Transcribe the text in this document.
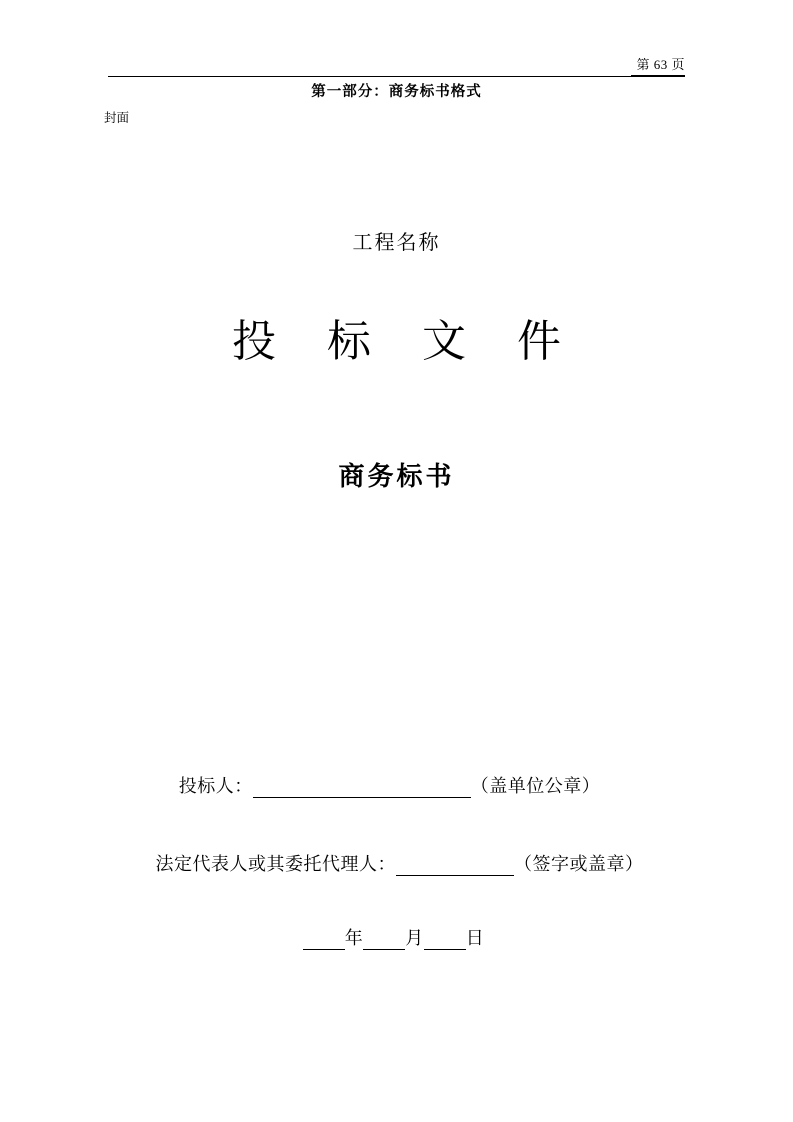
第 63 页
第一部分：商务标书格式
封面
工程名称
投 标 文 件
商务标书
投标人：	（盖单位公章）
法定代表人或其委托代理人：	（签字或盖章）
年 月 日
